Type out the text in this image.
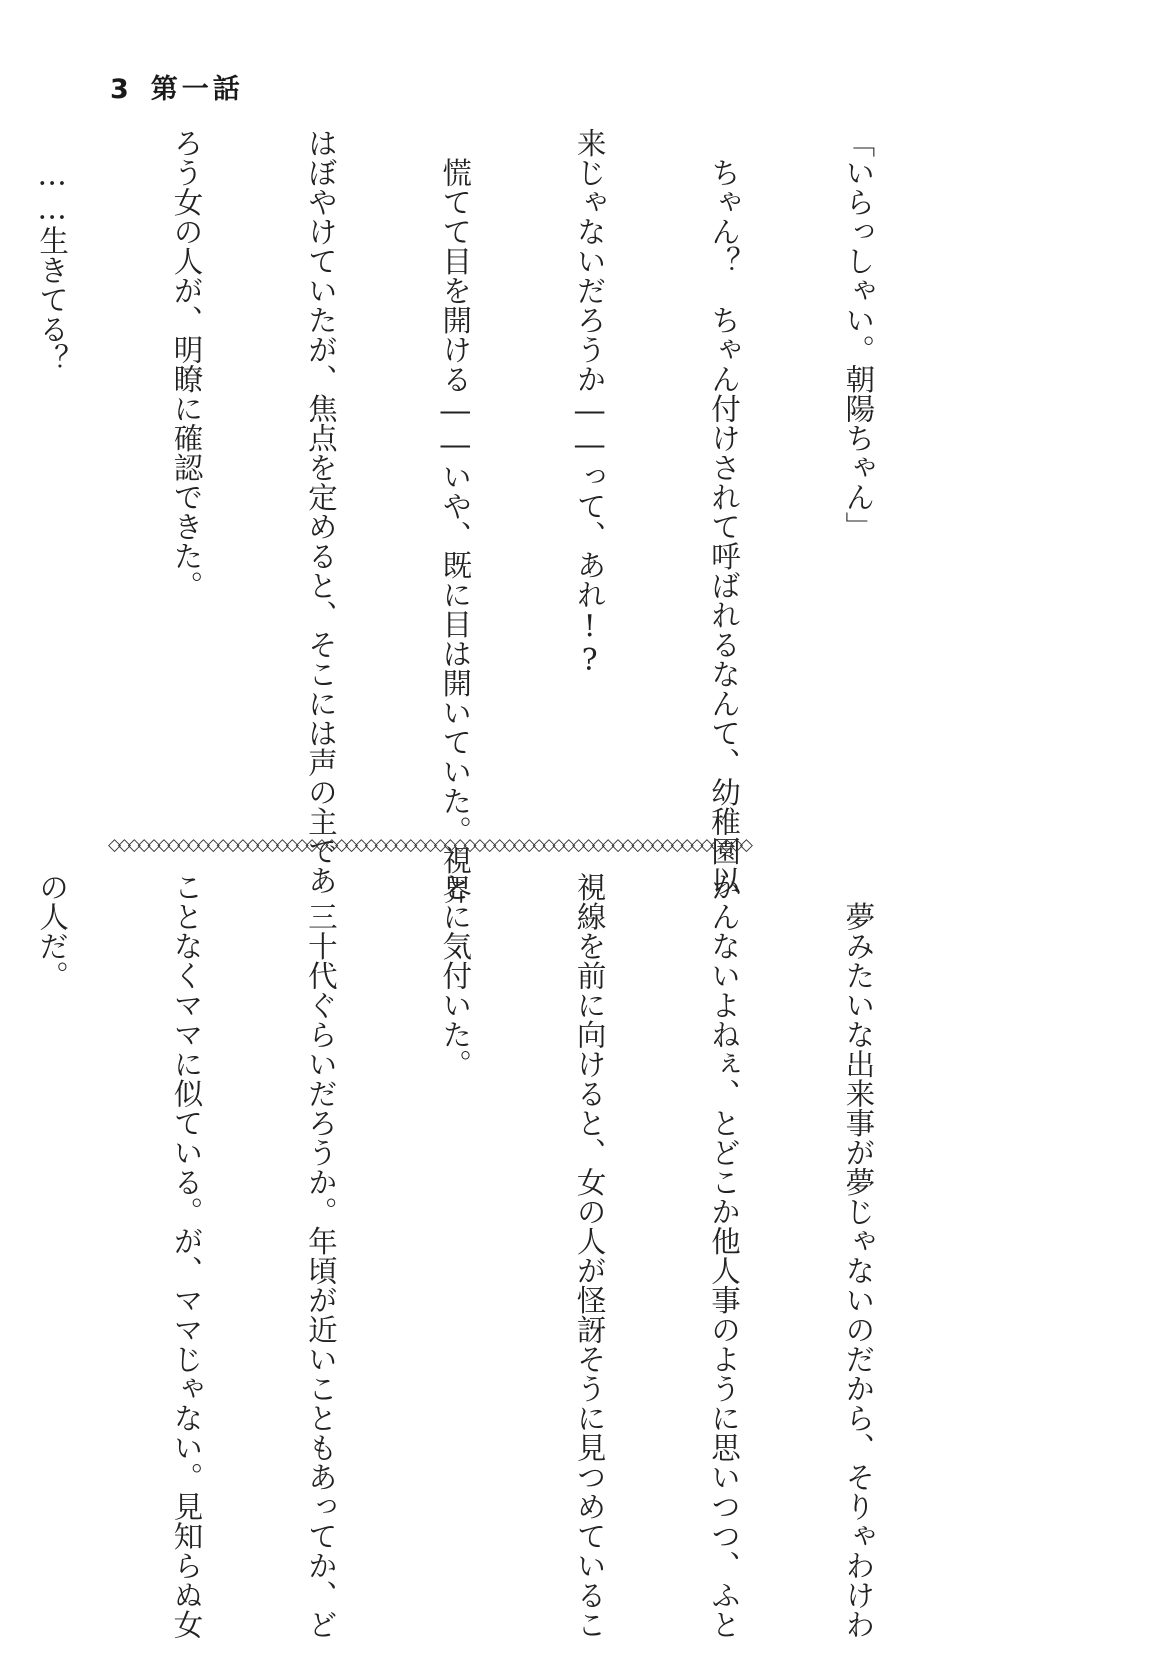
3 第一話

「いらっしゃい。朝陽ちゃん」

　ちゃん？　ちゃん付けされて呼ばれるなんて、幼稚園以

来じゃないだろうか――って、あれ!?

　慌てて目を開ける――いや、既に目は開いていた。視界

はぼやけていたが、焦点を定めると、そこには声の主であ

ろう女の人が、明瞭に確認できた。

　……生きてる？

◇◇◇◇◇◇◇◇◇◇◇◇◇◇◇◇◇◇◇◇◇◇◇◇◇◇◇◇◇◇◇◇◇◇◇◇◇◇◇◇◇◇◇◇◇◇◇◇◇◇◇◇◇◇◇◇◇◇◇◇◇◇◇◇◇

　夢みたいな出来事が夢じゃないのだから、そりゃわけわ

かんないよねぇ、とどこか他人事のように思いつつ、ふと

視線を前に向けると、女の人が怪訝そうに見つめているこ

とに気付いた。

　三十代ぐらいだろうか。年頃が近いこともあってか、ど

ことなくママに似ている。が、ママじゃない。見知らぬ女

の人だ。
